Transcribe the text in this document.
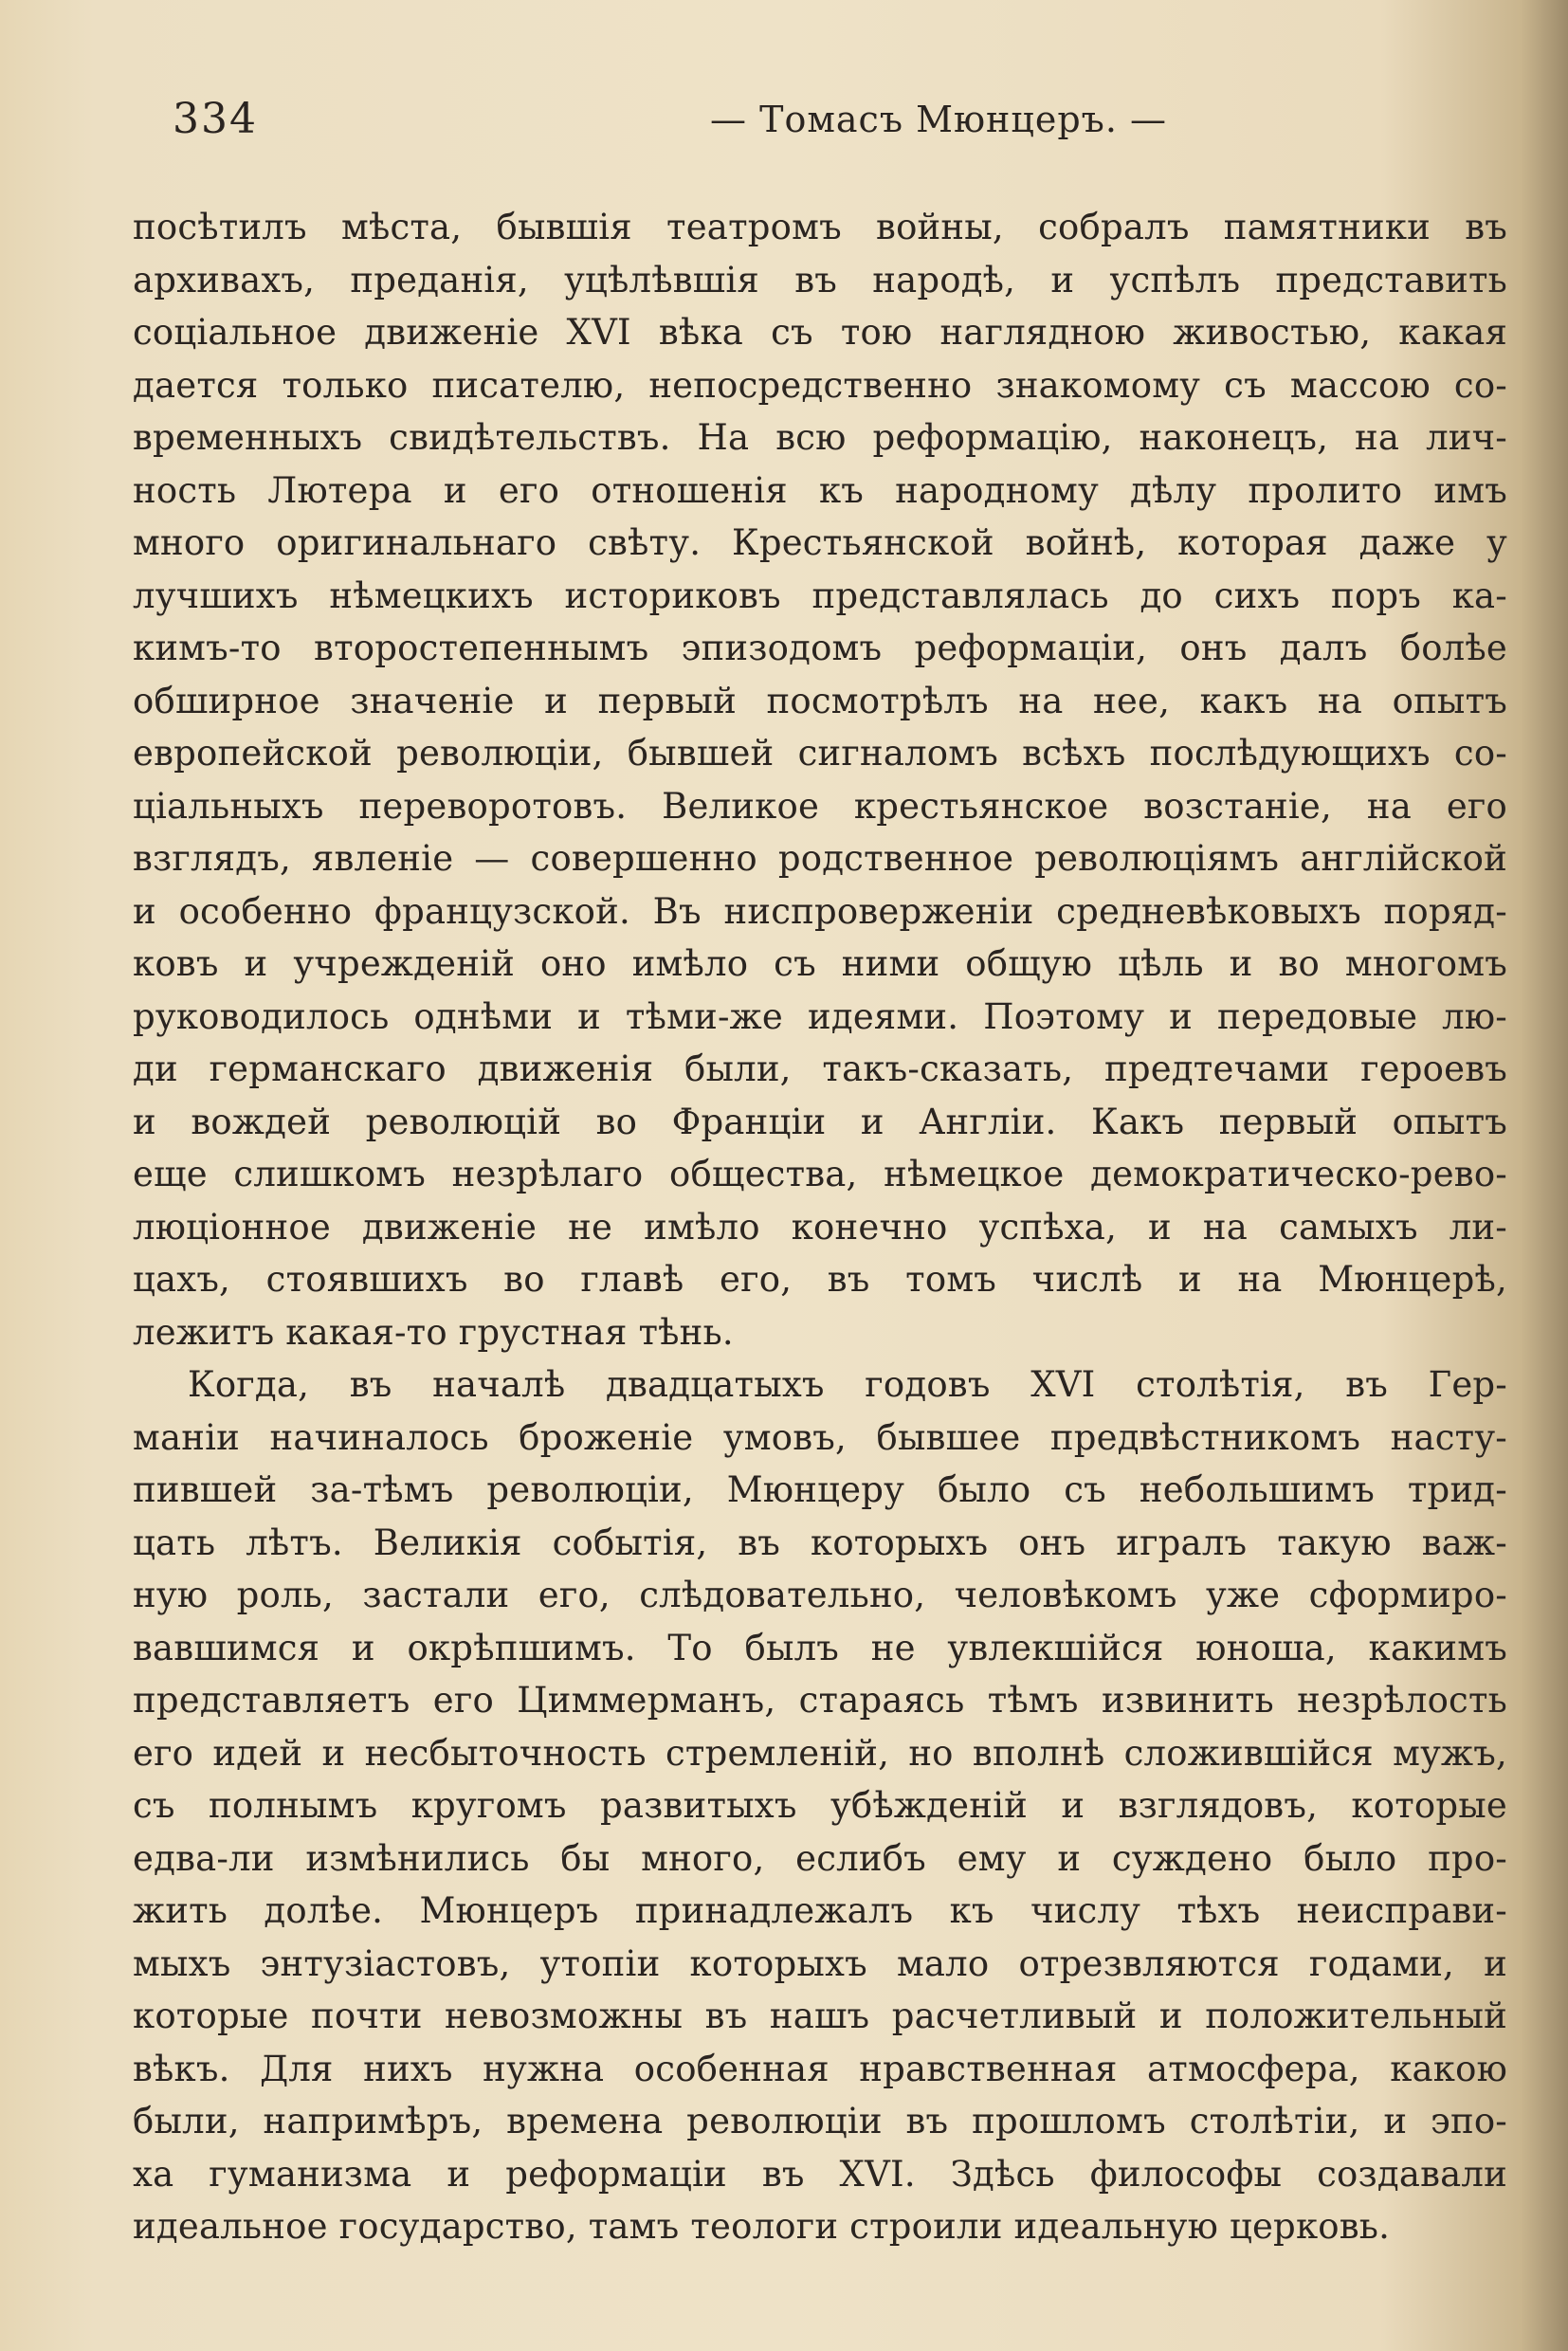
334	— Томасъ Мюнцеръ. —
посѣтилъ мѣста, бывшія театромъ войны, собралъ памятники въ
архивахъ, преданія, уцѣлѣвшія въ народѣ, и успѣлъ представить
соціальное движеніе XVI вѣка съ тою наглядною живостью, какая
дается только писателю, непосредственно знакомому съ массою со-
временныхъ свидѣтельствъ. На всю реформацію, наконецъ, на лич-
ность Лютера и его отношенія къ народному дѣлу пролито имъ
много оригинальнаго свѣту. Крестьянской войнѣ, которая даже у
лучшихъ нѣмецкихъ историковъ представлялась до сихъ поръ ка-
кимъ-то второстепеннымъ эпизодомъ реформаціи, онъ далъ болѣе
обширное значеніе и первый посмотрѣлъ на нее, какъ на опытъ
европейской революціи, бывшей сигналомъ всѣхъ послѣдующихъ со-
ціальныхъ переворотовъ. Великое крестьянское возстаніе, на его
взглядъ, явленіе — совершенно родственное революціямъ англійской
и особенно французской. Въ ниспроверженіи средневѣковыхъ поряд-
ковъ и учрежденій оно имѣло съ ними общую цѣль и во многомъ
руководилось однѣми и тѣми-же идеями. Поэтому и передовые лю-
ди германскаго движенія были, такъ-сказать, предтечами героевъ
и вождей революцій во Франціи и Англіи. Какъ первый опытъ
еще слишкомъ незрѣлаго общества, нѣмецкое демократическо-рево-
люціонное движеніе не имѣло конечно успѣха, и на самыхъ ли-
цахъ, стоявшихъ во главѣ его, въ томъ числѣ и на Мюнцерѣ,
лежитъ какая-то грустная тѣнь.
Когда, въ началѣ двадцатыхъ годовъ XVI столѣтія, въ Гер-
маніи начиналось броженіе умовъ, бывшее предвѣстникомъ насту-
пившей за-тѣмъ революціи, Мюнцеру было съ небольшимъ трид-
цать лѣтъ. Великія событія, въ которыхъ онъ игралъ такую важ-
ную роль, застали его, слѣдовательно, человѣкомъ уже сформиро-
вавшимся и окрѣпшимъ. То былъ не увлекшійся юноша, какимъ
представляетъ его Циммерманъ, стараясь тѣмъ извинить незрѣлость
его идей и несбыточность стремленій, но вполнѣ сложившійся мужъ,
съ полнымъ кругомъ развитыхъ убѣжденій и взглядовъ, которые
едва-ли измѣнились бы много, еслибъ ему и суждено было про-
жить долѣе. Мюнцеръ принадлежалъ къ числу тѣхъ неисправи-
мыхъ энтузіастовъ, утопіи которыхъ мало отрезвляются годами, и
которые почти невозможны въ нашъ расчетливый и положительный
вѣкъ. Для нихъ нужна особенная нравственная атмосфера, какою
были, напримѣръ, времена революціи въ прошломъ столѣтіи, и эпо-
ха гуманизма и реформаціи въ XVI. Здѣсь философы создавали
идеальное государство, тамъ теологи строили идеальную церковь.
